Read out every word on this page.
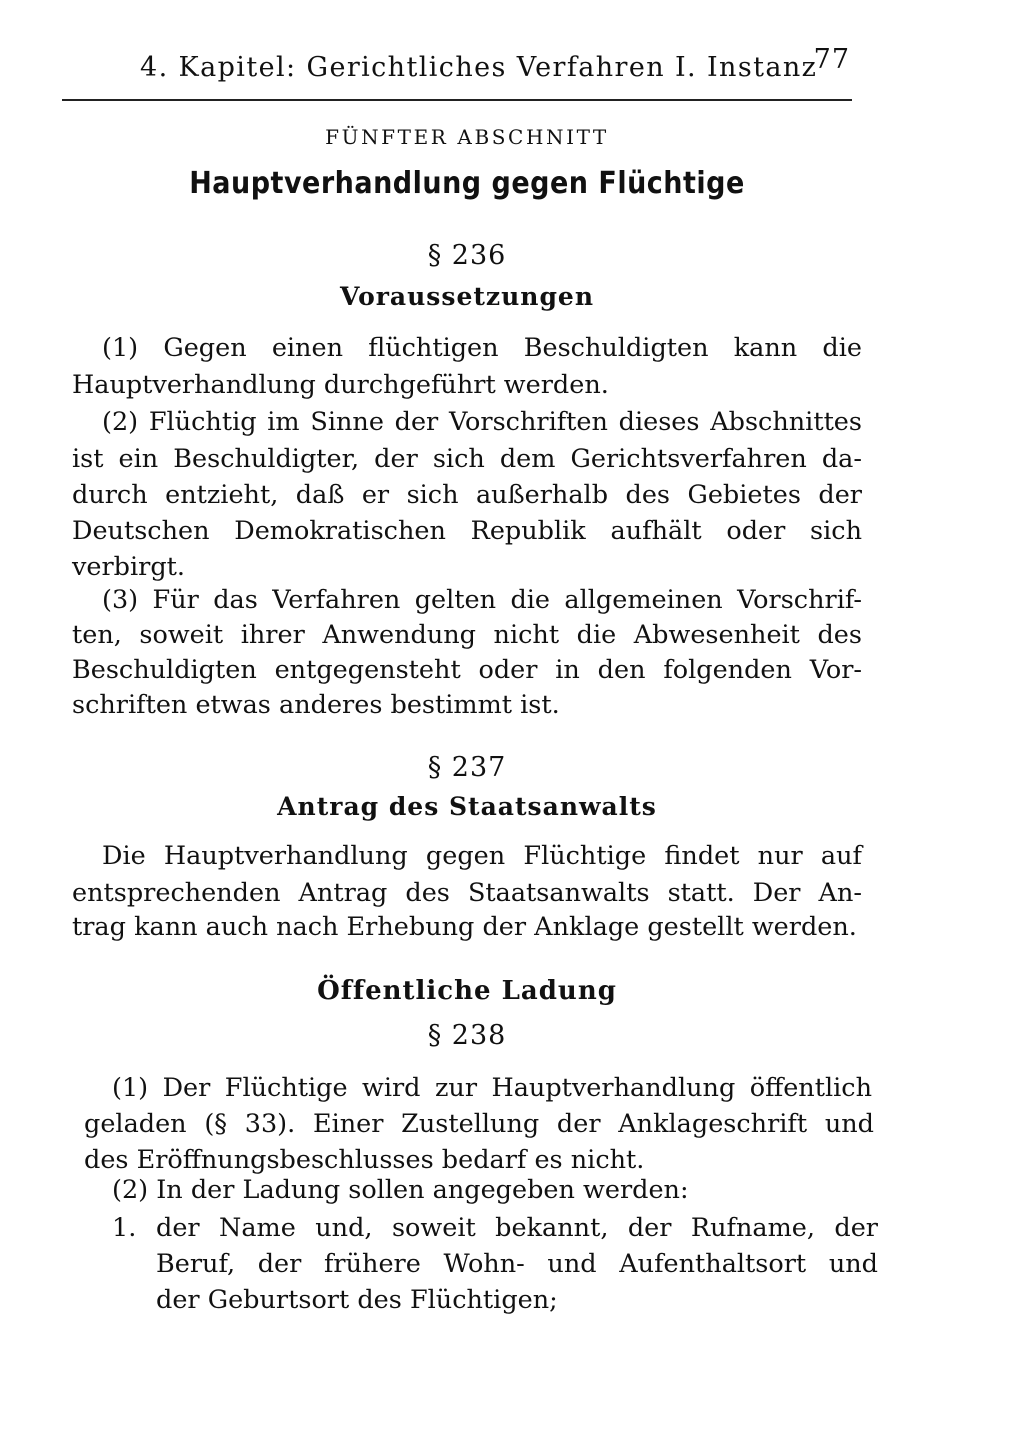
4. Kapitel: Gerichtliches Verfahren I. Instanz
77
FÜNFTER ABSCHNITT
Hauptverhandlung gegen Flüchtige
§ 236
Voraussetzungen
(1) Gegen einen flüchtigen Beschuldigten kann die
Hauptverhandlung durchgeführt werden.
(2) Flüchtig im Sinne der Vorschriften dieses Abschnittes
ist ein Beschuldigter, der sich dem Gerichtsverfahren da-
durch entzieht, daß er sich außerhalb des Gebietes der
Deutschen Demokratischen Republik aufhält oder sich
verbirgt.
(3) Für das Verfahren gelten die allgemeinen Vorschrif-
ten, soweit ihrer Anwendung nicht die Abwesenheit des
Beschuldigten entgegensteht oder in den folgenden Vor-
schriften etwas anderes bestimmt ist.
§ 237
Antrag des Staatsanwalts
Die Hauptverhandlung gegen Flüchtige findet nur auf
entsprechenden Antrag des Staatsanwalts statt. Der An-
trag kann auch nach Erhebung der Anklage gestellt werden.
Öffentliche Ladung
§ 238
(1) Der Flüchtige wird zur Hauptverhandlung öffentlich
geladen (§ 33). Einer Zustellung der Anklageschrift und
des Eröffnungsbeschlusses bedarf es nicht.
(2) In der Ladung sollen angegeben werden:
1. der Name und, soweit bekannt, der Rufname, der
Beruf, der frühere Wohn- und Aufenthaltsort und
der Geburtsort des Flüchtigen;
